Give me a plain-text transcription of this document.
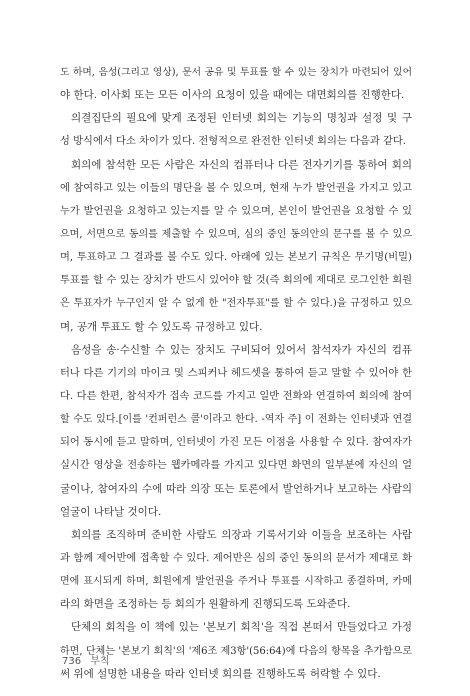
도 하며, 음성(그리고 영상), 문서 공유 및 투표를 할 수 있는 장치가 마련되어 있어
야 한다. 이사회 또는 모든 이사의 요청이 있을 때에는 대면회의를 진행한다.
의결집단의 필요에 맞게 조정된 인터넷 회의는 기능의 명칭과 설정 및 구
성 방식에서 다소 차이가 있다. 전형적으로 완전한 인터넷 회의는 다음과 같다.
회의에 참석한 모든 사람은 자신의 컴퓨터나 다른 전자기기를 통하여 회의
에 참여하고 있는 이들의 명단을 볼 수 있으며, 현재 누가 발언권을 가지고 있고
누가 발언권을 요청하고 있는지를 알 수 있으며, 본인이 발언권을 요청할 수 있
으며, 서면으로 동의를 제출할 수 있으며, 심의 중인 동의안의 문구를 볼 수 있으
며, 투표하고 그 결과를 볼 수도 있다. 아래에 있는 본보기 규칙은 무기명(비밀)
투표를 할 수 있는 장치가 반드시 있어야 할 것(즉 회의에 제대로 로그인한 회원
은 투표자가 누구인지 알 수 없게 한 "전자투표"를 할 수 있다.)을 규정하고 있으
며, 공개 투표도 할 수 있도록 규정하고 있다.
음성을 송·수신할 수 있는 장치도 구비되어 있어서 참석자가 자신의 컴퓨
터나 다른 기기의 마이크 및 스피커나 헤드셋을 통하여 듣고 말할 수 있어야 한
다. 다른 한편, 참석자가 접속 코드를 가지고 일반 전화와 연결하여 회의에 참여
할 수도 있다.[이를 '컨퍼런스 콜'이라고 한다. -역자 주] 이 전화는 인터넷과 연결
되어 동시에 듣고 말하며, 인터넷이 가진 모든 이점을 사용할 수 있다. 참여자가
실시간 영상을 전송하는 웹카메라를 가지고 있다면 화면의 일부분에 자신의 얼
굴이나, 참여자의 수에 따라 의장 또는 토론에서 발언하거나 보고하는 사람의
얼굴이 나타날 것이다.
회의를 조직하며 준비한 사람도 의장과 기록서기와 이들을 보조하는 사람
과 함께 제어반에 접촉할 수 있다. 제어반은 심의 중인 동의의 문서가 제대로 화
면에 표시되게 하며, 회원에게 발언권을 주거나 투표를 시작하고 종결하며, 카메
라의 화면을 조정하는 등 회의가 원활하게 진행되도록 도와준다.
단체의 회칙을 이 책에 있는 '본보기 회칙'을 직접 본떠서 만들었다고 가정
하면, 단체는 '본보기 회칙'의 '제6조 제3항'(56:64)에 다음의 항목을 추가함으로
써 위에 설명한 내용을 따라 인터넷 회의를 진행하도록 허락할 수 있다.
736 부칙
